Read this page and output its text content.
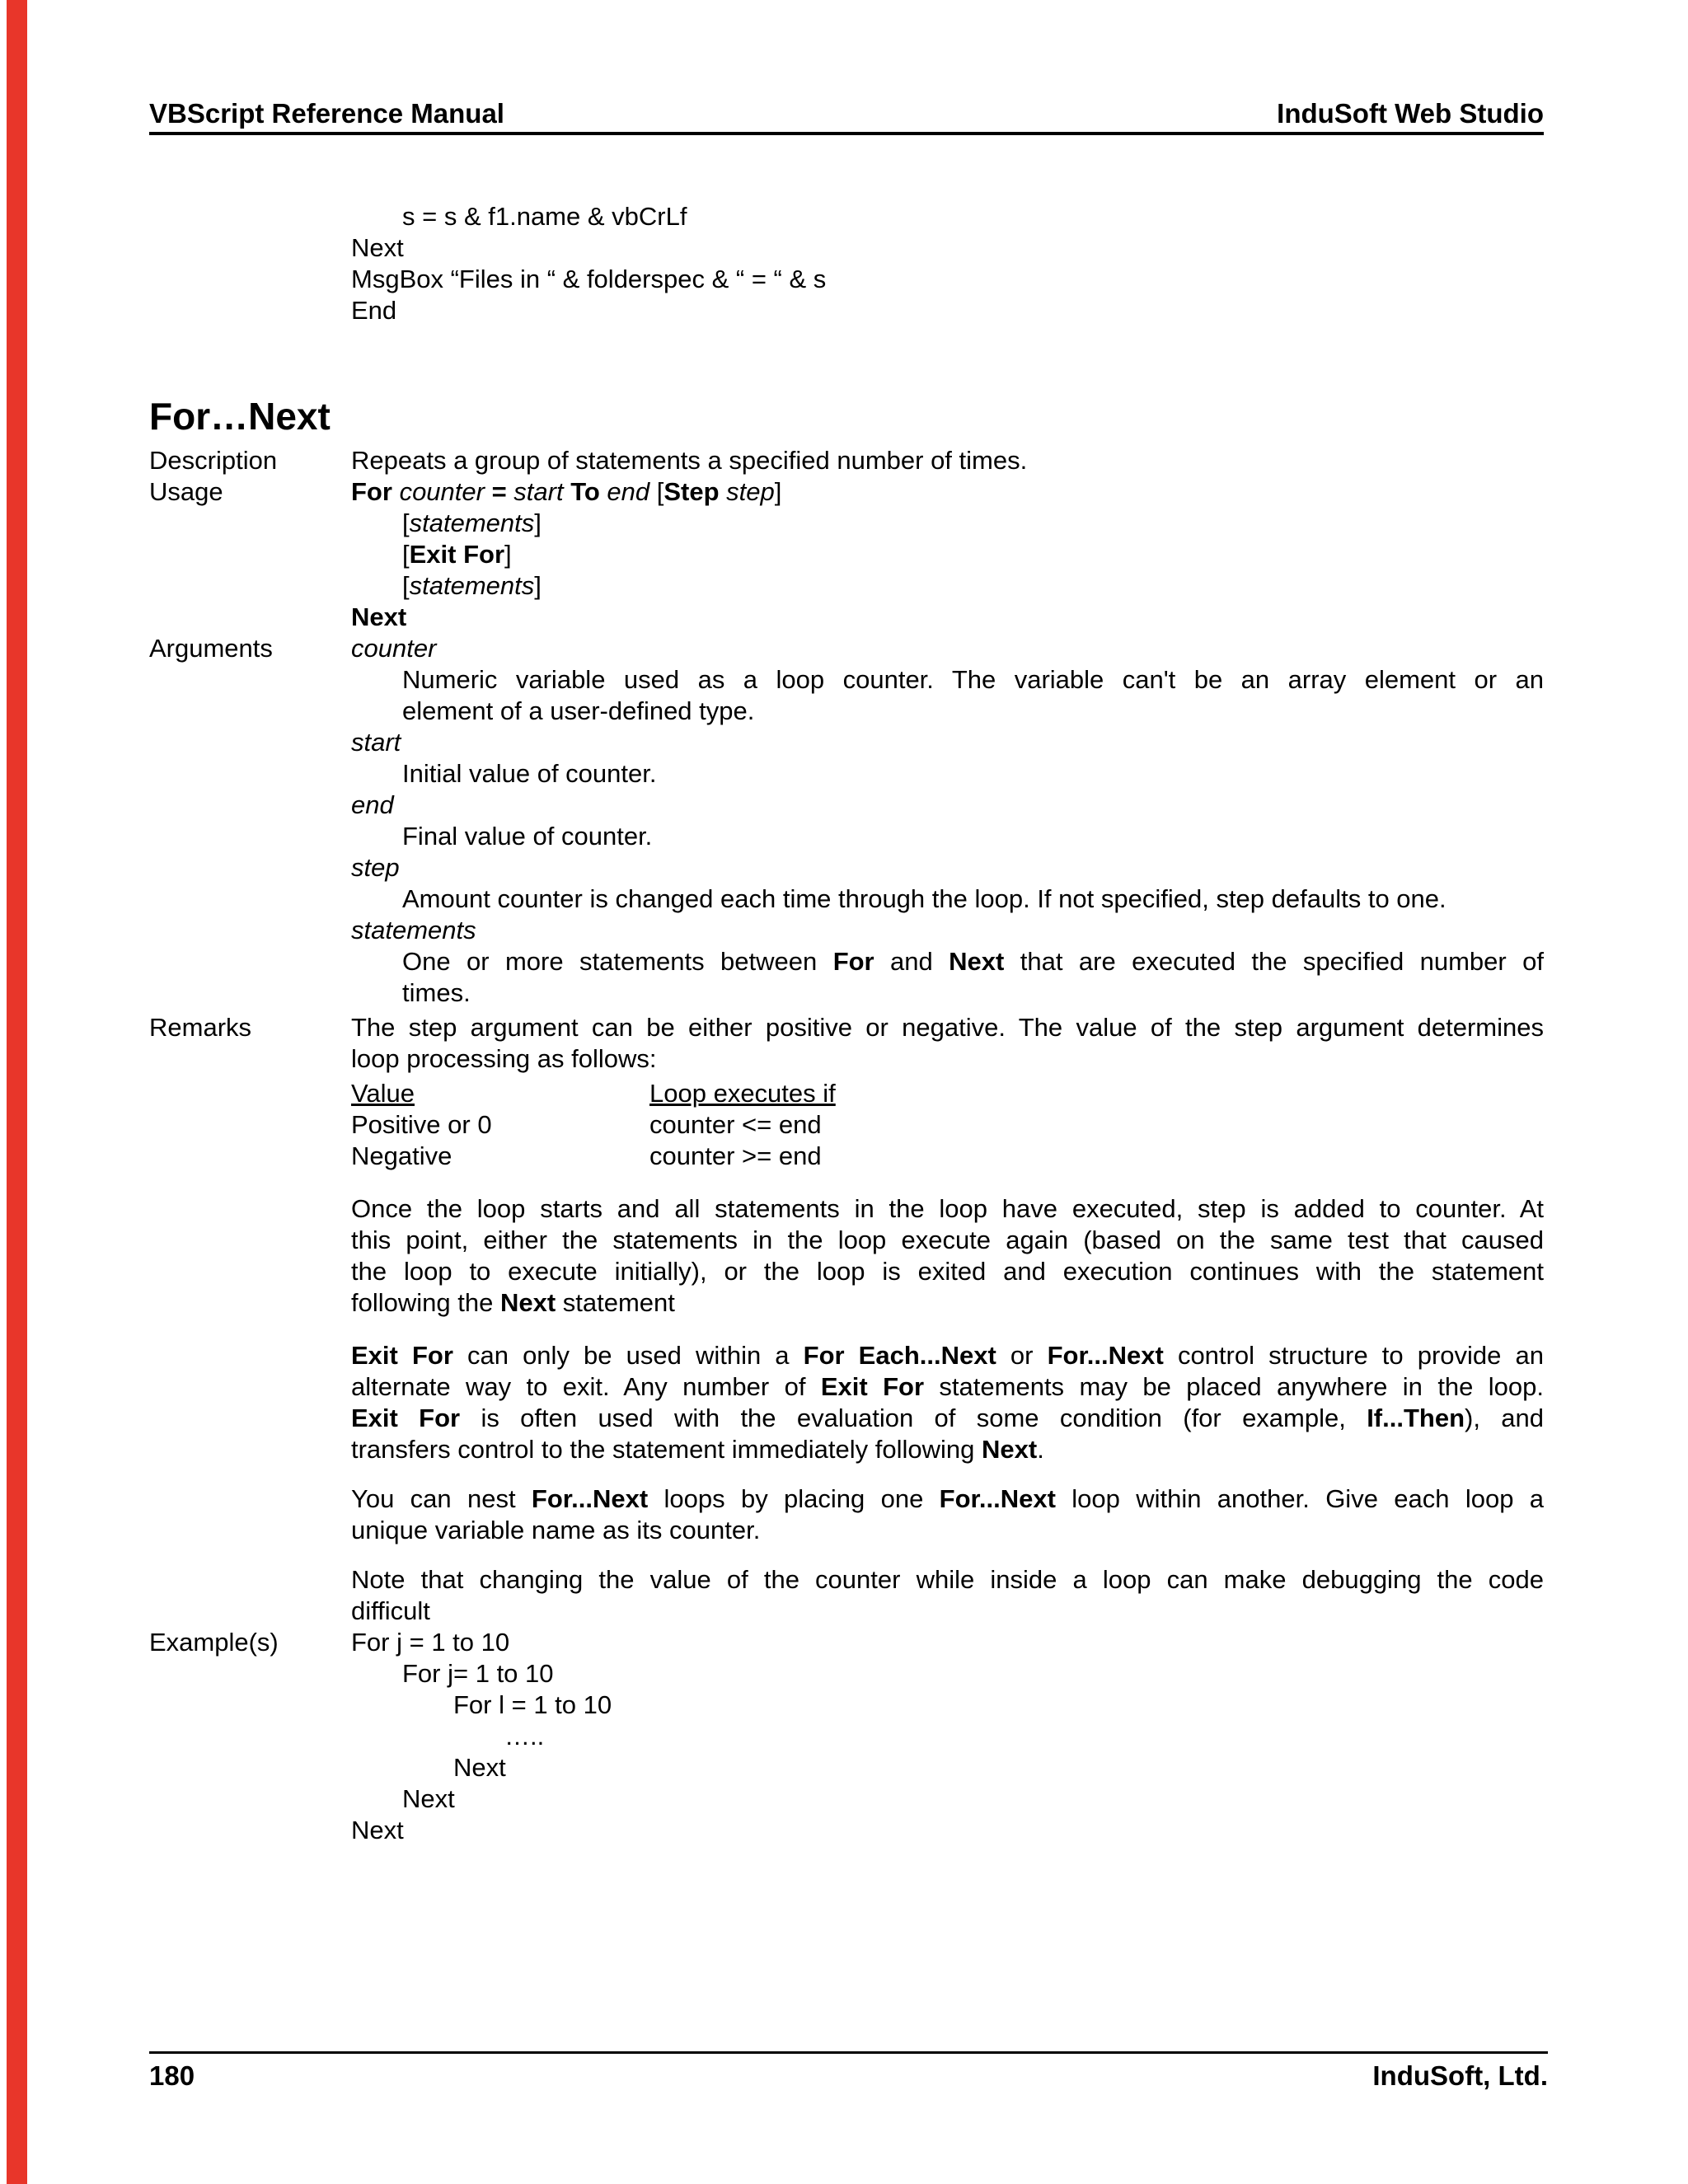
VBScript Reference Manual	InduSoft Web Studio
s = s & f1.name & vbCrLf
Next
MsgBox “Files in “ & folderspec & “ = “ & s
End
For…Next
Description	Repeats a group of statements a specified number of times.
Usage	For counter = start To end [Step step]
[statements]
[Exit For]
[statements]
Next
Arguments	counter
Numeric variable used as a loop counter. The variable can't be an array element or an
element of a user-defined type.
start
Initial value of counter.
end
Final value of counter.
step
Amount counter is changed each time through the loop. If not specified, step defaults to one.
statements
One or more statements between For and Next that are executed the specified number of
times.
Remarks	The step argument can be either positive or negative. The value of the step argument determines
loop processing as follows:
Value	Loop executes if
Positive or 0	counter <= end
Negative	counter >= end
Once the loop starts and all statements in the loop have executed, step is added to counter. At
this point, either the statements in the loop execute again (based on the same test that caused
the loop to execute initially), or the loop is exited and execution continues with the statement
following the Next statement
Exit For can only be used within a For Each...Next or For...Next control structure to provide an
alternate way to exit. Any number of Exit For statements may be placed anywhere in the loop.
Exit For is often used with the evaluation of some condition (for example, If...Then), and
transfers control to the statement immediately following Next.
You can nest For...Next loops by placing one For...Next loop within another. Give each loop a
unique variable name as its counter.
Note that changing the value of the counter while inside a loop can make debugging the code
difficult
Example(s)	For j = 1 to 10
For j= 1 to 10
For l = 1 to 10
…..
Next
Next
Next
180	InduSoft, Ltd.
